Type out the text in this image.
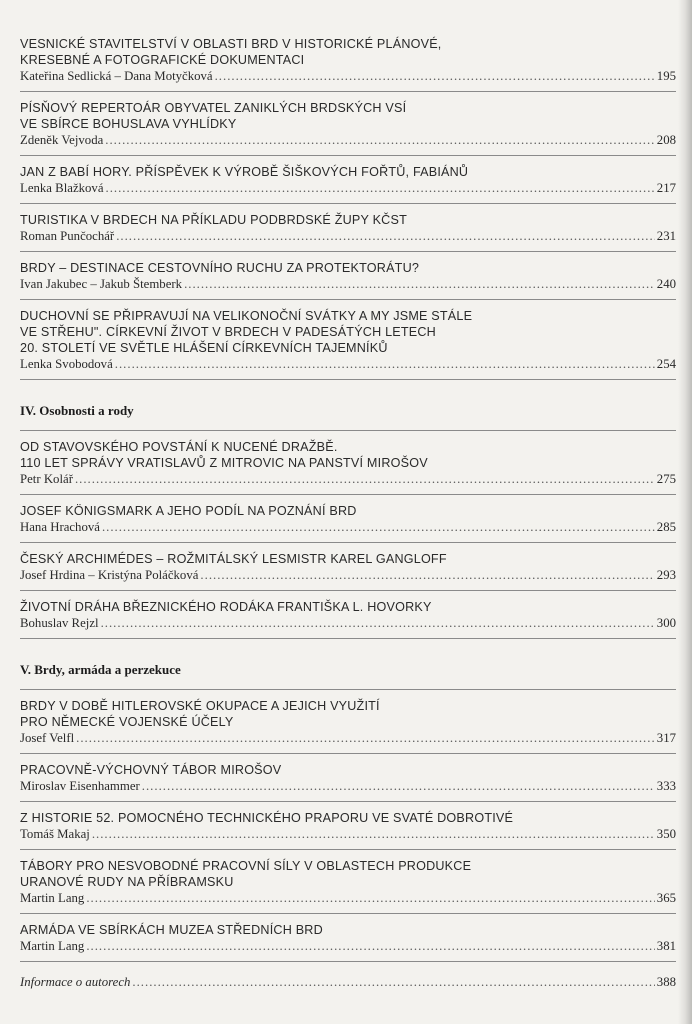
VESNICKÉ STAVITELSTVÍ V OBLASTI BRD V HISTORICKÉ PLÁNOVÉ,
KRESEBNÉ A FOTOGRAFICKÉ DOKUMENTACI
Kateřina Sedlická – Dana Motyčková .....	195
PÍSŇOVÝ REPERTOÁR OBYVATEL ZANIKLÝCH BRDSKÝCH VSÍ
VE SBÍRCE BOHUSLAVA VYHLÍDKY
Zdeněk Vejvoda .....	208
JAN Z BABÍ HORY. PŘÍSPĚVEK K VÝROBĚ ŠIŠKOVÝCH FOŘTŮ, FABIÁNŮ
Lenka Blažková .....	217
TURISTIKA V BRDECH NA PŘÍKLADU PODBRDSKÉ ŽUPY KČST
Roman Punčochář .....	231
BRDY – DESTINACE CESTOVNÍHO RUCHU ZA PROTEKTORÁTU?
Ivan Jakubec – Jakub Štemberk .....	240
DUCHOVNÍ SE PŘIPRAVUJÍ NA VELIKONOČNÍ SVÁTKY A MY JSME STÁLE
VE STŘEHU". CÍRKEVNÍ ŽIVOT V BRDECH V PADESÁTÝCH LETECH
20. STOLETÍ VE SVĚTLE HLÁŠENÍ CÍRKEVNÍCH TAJEMNÍKŮ
Lenka Svobodová .....	254
IV. Osobnosti a rody
OD STAVOVSKÉHO POVSTÁNÍ K NUCENÉ DRAŽBĚ.
110 LET SPRÁVY VRATISLAVŮ Z MITROVIC NA PANSTVÍ MIROŠOV
Petr Kolář .....	275
JOSEF KÖNIGSMARK A JEHO PODÍL NA POZNÁNÍ BRD
Hana Hrachová .....	285
ČESKÝ ARCHIMÉDES – ROŽMITÁLSKÝ LESMISTR KAREL GANGLOFF
Josef Hrdina – Kristýna Poláčková .....	293
ŽIVOTNÍ DRÁHA BŘEZNICKÉHO RODÁKA FRANTIŠKA L. HOVORKY
Bohuslav Rejzl .....	300
V. Brdy, armáda a perzekuce
BRDY V DOBĚ HITLEROVSKÉ OKUPACE A JEJICH VYUŽITÍ
PRO NĚMECKÉ VOJENSKÉ ÚČELY
Josef Velfl .....	317
PRACOVNĚ-VÝCHOVNÝ TÁBOR MIROŠOV
Miroslav Eisenhammer .....	333
Z HISTORIE 52. POMOCNÉHO TECHNICKÉHO PRAPORU VE SVATÉ DOBROTIVÉ
Tomáš Makaj .....	350
TÁBORY PRO NESVOBODNÉ PRACOVNÍ SÍLY V OBLASTECH PRODUKCE
URANOVÉ RUDY NA PŘÍBRAMSKU
Martin Lang .....	365
ARMÁDA VE SBÍRKÁCH MUZEA STŘEDNÍCH BRD
Martin Lang .....	381
Informace o autorech .....	388
